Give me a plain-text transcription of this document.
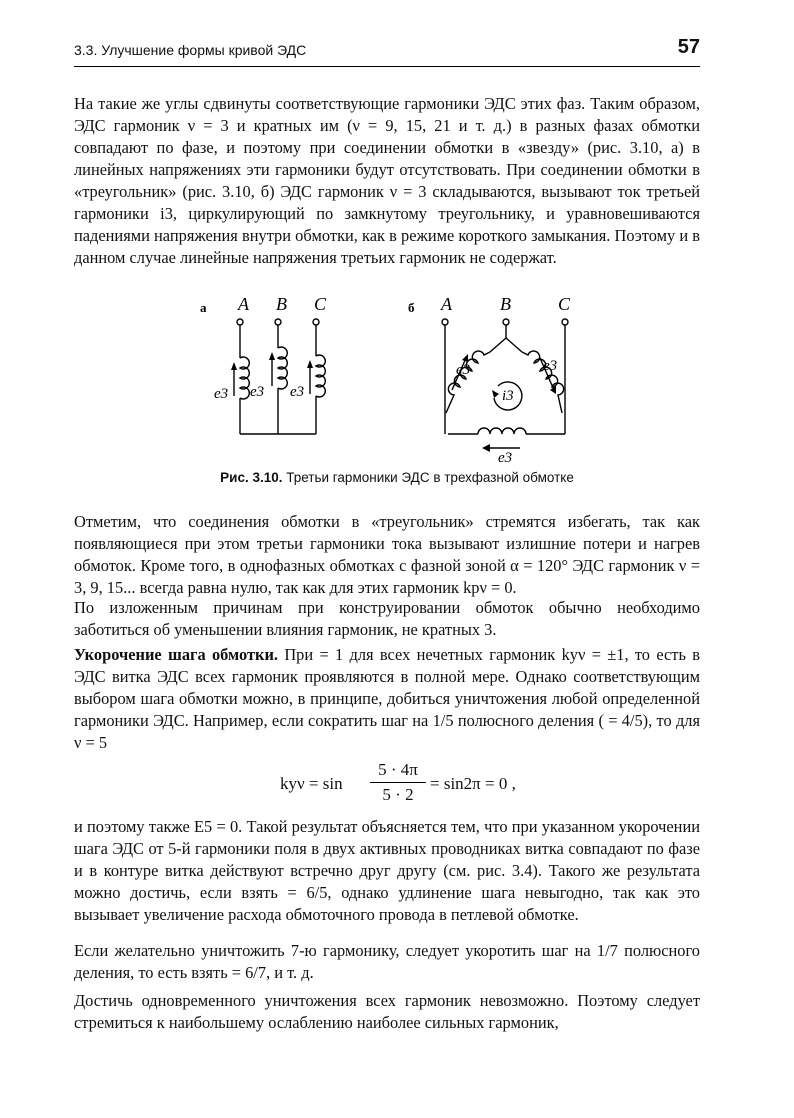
3.3. Улучшение формы кривой ЭДС	57

На такие же углы сдвинуты соответствующие гармоники ЭДС этих фаз. Таким образом, ЭДС гармоник ν = 3 и кратных им (ν = 9, 15, 21 и т. д.) в разных фазах обмотки совпадают по фазе, и поэтому при соединении обмотки в «звезду» (рис. 3.10, а) в линейных напряжениях эти гармоники будут отсутствовать. При соединении обмотки в «треугольник» (рис. 3.10, б) ЭДС гармоник ν = 3 складываются, вызывают ток третьей гармоники i3, циркулирующий по замкнутому треугольнику, и уравновешиваются падениями напряжения внутри обмотки, как в режиме короткого замыкания. Поэтому и в данном случае линейные напряжения третьих гармоник не содержат.

а A B C
e3 e3 e3
б A	B	C
e3	e3
e3
i3
Рис. 3.10. Третьи гармоники ЭДС в трехфазной обмотке

Отметим, что соединения обмотки в «треугольник» стремятся избегать, так как появляющиеся при этом третьи гармоники тока вызывают излишние потери и нагрев обмоток. Кроме того, в однофазных обмотках с фазной зоной α = 120° ЭДС гармоник ν = 3, 9, 15... всегда равна нулю, так как для этих гармоник kpν = 0.

По изложенным причинам при конструировании обмоток обычно необходимо заботиться об уменьшении влияния гармоник, не кратных 3.

Укорочение шага обмотки. При = 1 для всех нечетных гармоник kyν = ±1, то есть в ЭДС витка ЭДС всех гармоник проявляются в полной мере. Однако соответствующим выбором шага обмотки можно, в принципе, добиться уничтожения любой определенной гармоники ЭДС. Например, если сократить шаг на 1/5 полюсного деления ( = 4/5), то для ν = 5

$ky\nu = \sin \frac{5 \cdot 4\pi}{5 \cdot 2} = \sin 2\pi = 0$ ,

и поэтому также E5 = 0. Такой результат объясняется тем, что при указанном укорочении шага ЭДС от 5-й гармоники поля в двух активных проводниках витка совпадают по фазе и в контуре витка действуют встречно друг другу (см. рис. 3.4). Такого же результата можно достичь, если взять = 6/5, однако удлинение шага невыгодно, так как это вызывает увеличение расхода обмоточного провода в петлевой обмотке.

Если желательно уничтожить 7-ю гармонику, следует укоротить шаг на 1/7 полюсного деления, то есть взять = 6/7, и т. д.

Достичь одновременного уничтожения всех гармоник невозможно. Поэтому следует стремиться к наибольшему ослаблению наиболее сильных гармоник,
